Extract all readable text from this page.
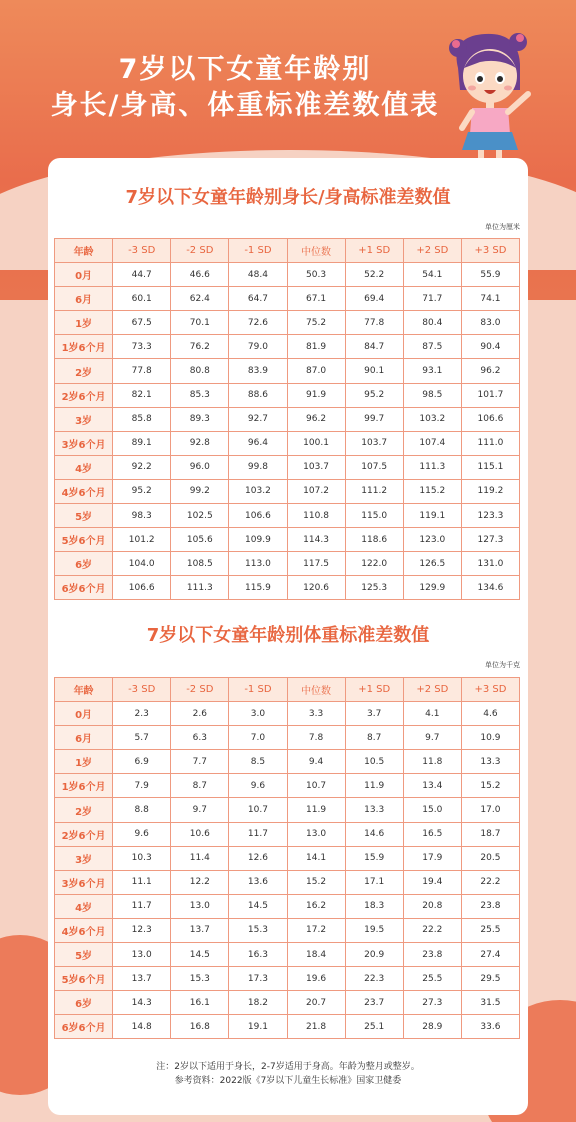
7岁以下女童年龄别
身长/身高、体重标准差数值表
7岁以下女童年龄别身长/身高标准差数值
单位为厘米
年龄	-3 SD	-2 SD	-1 SD	中位数	+1 SD	+2 SD	+3 SD
0月	44.7	46.6	48.4	50.3	52.2	54.1	55.9
6月	60.1	62.4	64.7	67.1	69.4	71.7	74.1
1岁	67.5	70.1	72.6	75.2	77.8	80.4	83.0
1岁6个月	73.3	76.2	79.0	81.9	84.7	87.5	90.4
2岁	77.8	80.8	83.9	87.0	90.1	93.1	96.2
2岁6个月	82.1	85.3	88.6	91.9	95.2	98.5	101.7
3岁	85.8	89.3	92.7	96.2	99.7	103.2	106.6
3岁6个月	89.1	92.8	96.4	100.1	103.7	107.4	111.0
4岁	92.2	96.0	99.8	103.7	107.5	111.3	115.1
4岁6个月	95.2	99.2	103.2	107.2	111.2	115.2	119.2
5岁	98.3	102.5	106.6	110.8	115.0	119.1	123.3
5岁6个月	101.2	105.6	109.9	114.3	118.6	123.0	127.3
6岁	104.0	108.5	113.0	117.5	122.0	126.5	131.0
6岁6个月	106.6	111.3	115.9	120.6	125.3	129.9	134.6
7岁以下女童年龄别体重标准差数值
单位为千克
年龄	-3 SD	-2 SD	-1 SD	中位数	+1 SD	+2 SD	+3 SD
0月	2.3	2.6	3.0	3.3	3.7	4.1	4.6
6月	5.7	6.3	7.0	7.8	8.7	9.7	10.9
1岁	6.9	7.7	8.5	9.4	10.5	11.8	13.3
1岁6个月	7.9	8.7	9.6	10.7	11.9	13.4	15.2
2岁	8.8	9.7	10.7	11.9	13.3	15.0	17.0
2岁6个月	9.6	10.6	11.7	13.0	14.6	16.5	18.7
3岁	10.3	11.4	12.6	14.1	15.9	17.9	20.5
3岁6个月	11.1	12.2	13.6	15.2	17.1	19.4	22.2
4岁	11.7	13.0	14.5	16.2	18.3	20.8	23.8
4岁6个月	12.3	13.7	15.3	17.2	19.5	22.2	25.5
5岁	13.0	14.5	16.3	18.4	20.9	23.8	27.4
5岁6个月	13.7	15.3	17.3	19.6	22.3	25.5	29.5
6岁	14.3	16.1	18.2	20.7	23.7	27.3	31.5
6岁6个月	14.8	16.8	19.1	21.8	25.1	28.9	33.6
注：2岁以下适用于身长，2-7岁适用于身高。年龄为整月或整岁。
参考资料：2022版《7岁以下儿童生长标准》国家卫健委
